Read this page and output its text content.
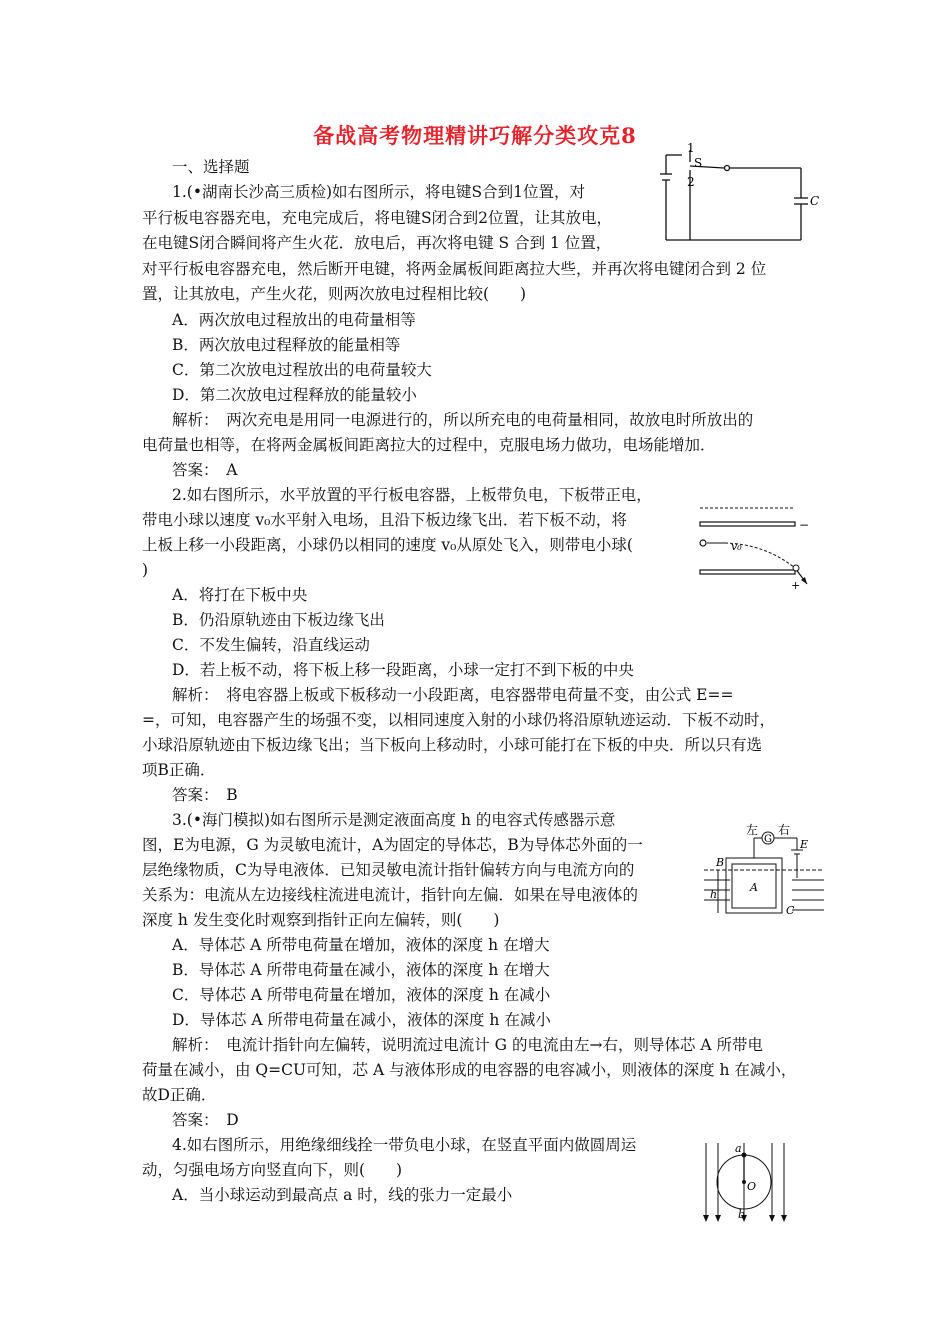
备战高考物理精讲巧解分类攻克8
一、选择题
1.(•湖南长沙高三质检)如右图所示，将电键S合到1位置，对
平行板电容器充电，充电完成后，将电键S闭合到2位置，让其放电，
在电键S闭合瞬间将产生火花．放电后，再次将电键 S 合到 1 位置，
对平行板电容器充电，然后断开电键，将两金属板间距离拉大些，并再次将电键闭合到 2 位
置，让其放电，产生火花，则两次放电过程相比较(　　)
A．两次放电过程放出的电荷量相等
B．两次放电过程释放的能量相等
C．第二次放电过程放出的电荷量较大
D．第二次放电过程释放的能量较小
解析：　两次充电是用同一电源进行的，所以所充电的电荷量相同，故放电时所放出的
电荷量也相等，在将两金属板间距离拉大的过程中，克服电场力做功，电场能增加．
答案：　A
1
S
2
C
2.如右图所示，水平放置的平行板电容器，上板带负电，下板带正电，
带电小球以速度 v₀水平射入电场，且沿下板边缘飞出．若下板不动，将
上板上移一小段距离，小球仍以相同的速度 v₀从原处飞入，则带电小球(
)
A．将打在下板中央
B．仍沿原轨迹由下板边缘飞出
C．不发生偏转，沿直线运动
D．若上板不动，将下板上移一段距离，小球一定打不到下板的中央
解析：　将电容器上板或下板移动一小段距离，电容器带电荷量不变，由公式 E==
=，可知，电容器产生的场强不变，以相同速度入射的小球仍将沿原轨迹运动．下板不动时，
小球沿原轨迹由下板边缘飞出；当下板向上移动时，小球可能打在下板的中央．所以只有选
项B正确．
答案：　B
−
v₀
+
3.(•海门模拟)如右图所示是测定液面高度 h 的电容式传感器示意
图，E为电源，G 为灵敏电流计，A为固定的导体芯，B为导体芯外面的一
层绝缘物质，C为导电液体．已知灵敏电流计指针偏转方向与电流方向的
关系为：电流从左边接线柱流进电流计，指针向左偏．如果在导电液体的
深度 h 发生变化时观察到指针正向左偏转，则(　　)
A．导体芯 A 所带电荷量在增加，液体的深度 h 在增大
B．导体芯 A 所带电荷量在减小，液体的深度 h 在增大
C．导体芯 A 所带电荷量在增加，液体的深度 h 在减小
D．导体芯 A 所带电荷量在减小，液体的深度 h 在减小
解析：　电流计指针向左偏转，说明流过电流计 G 的电流由左→右，则导体芯 A 所带电
荷量在减小，由 Q=CU可知，芯 A 与液体形成的电容器的电容减小，则液体的深度 h 在减小，
故D正确．
答案：　D
左
G
右
E
B
A
h
C
4.如右图所示，用绝缘细线拴一带负电小球，在竖直平面内做圆周运
动，匀强电场方向竖直向下，则(　　)
A．当小球运动到最高点 a 时，线的张力一定最小
a
O
b
